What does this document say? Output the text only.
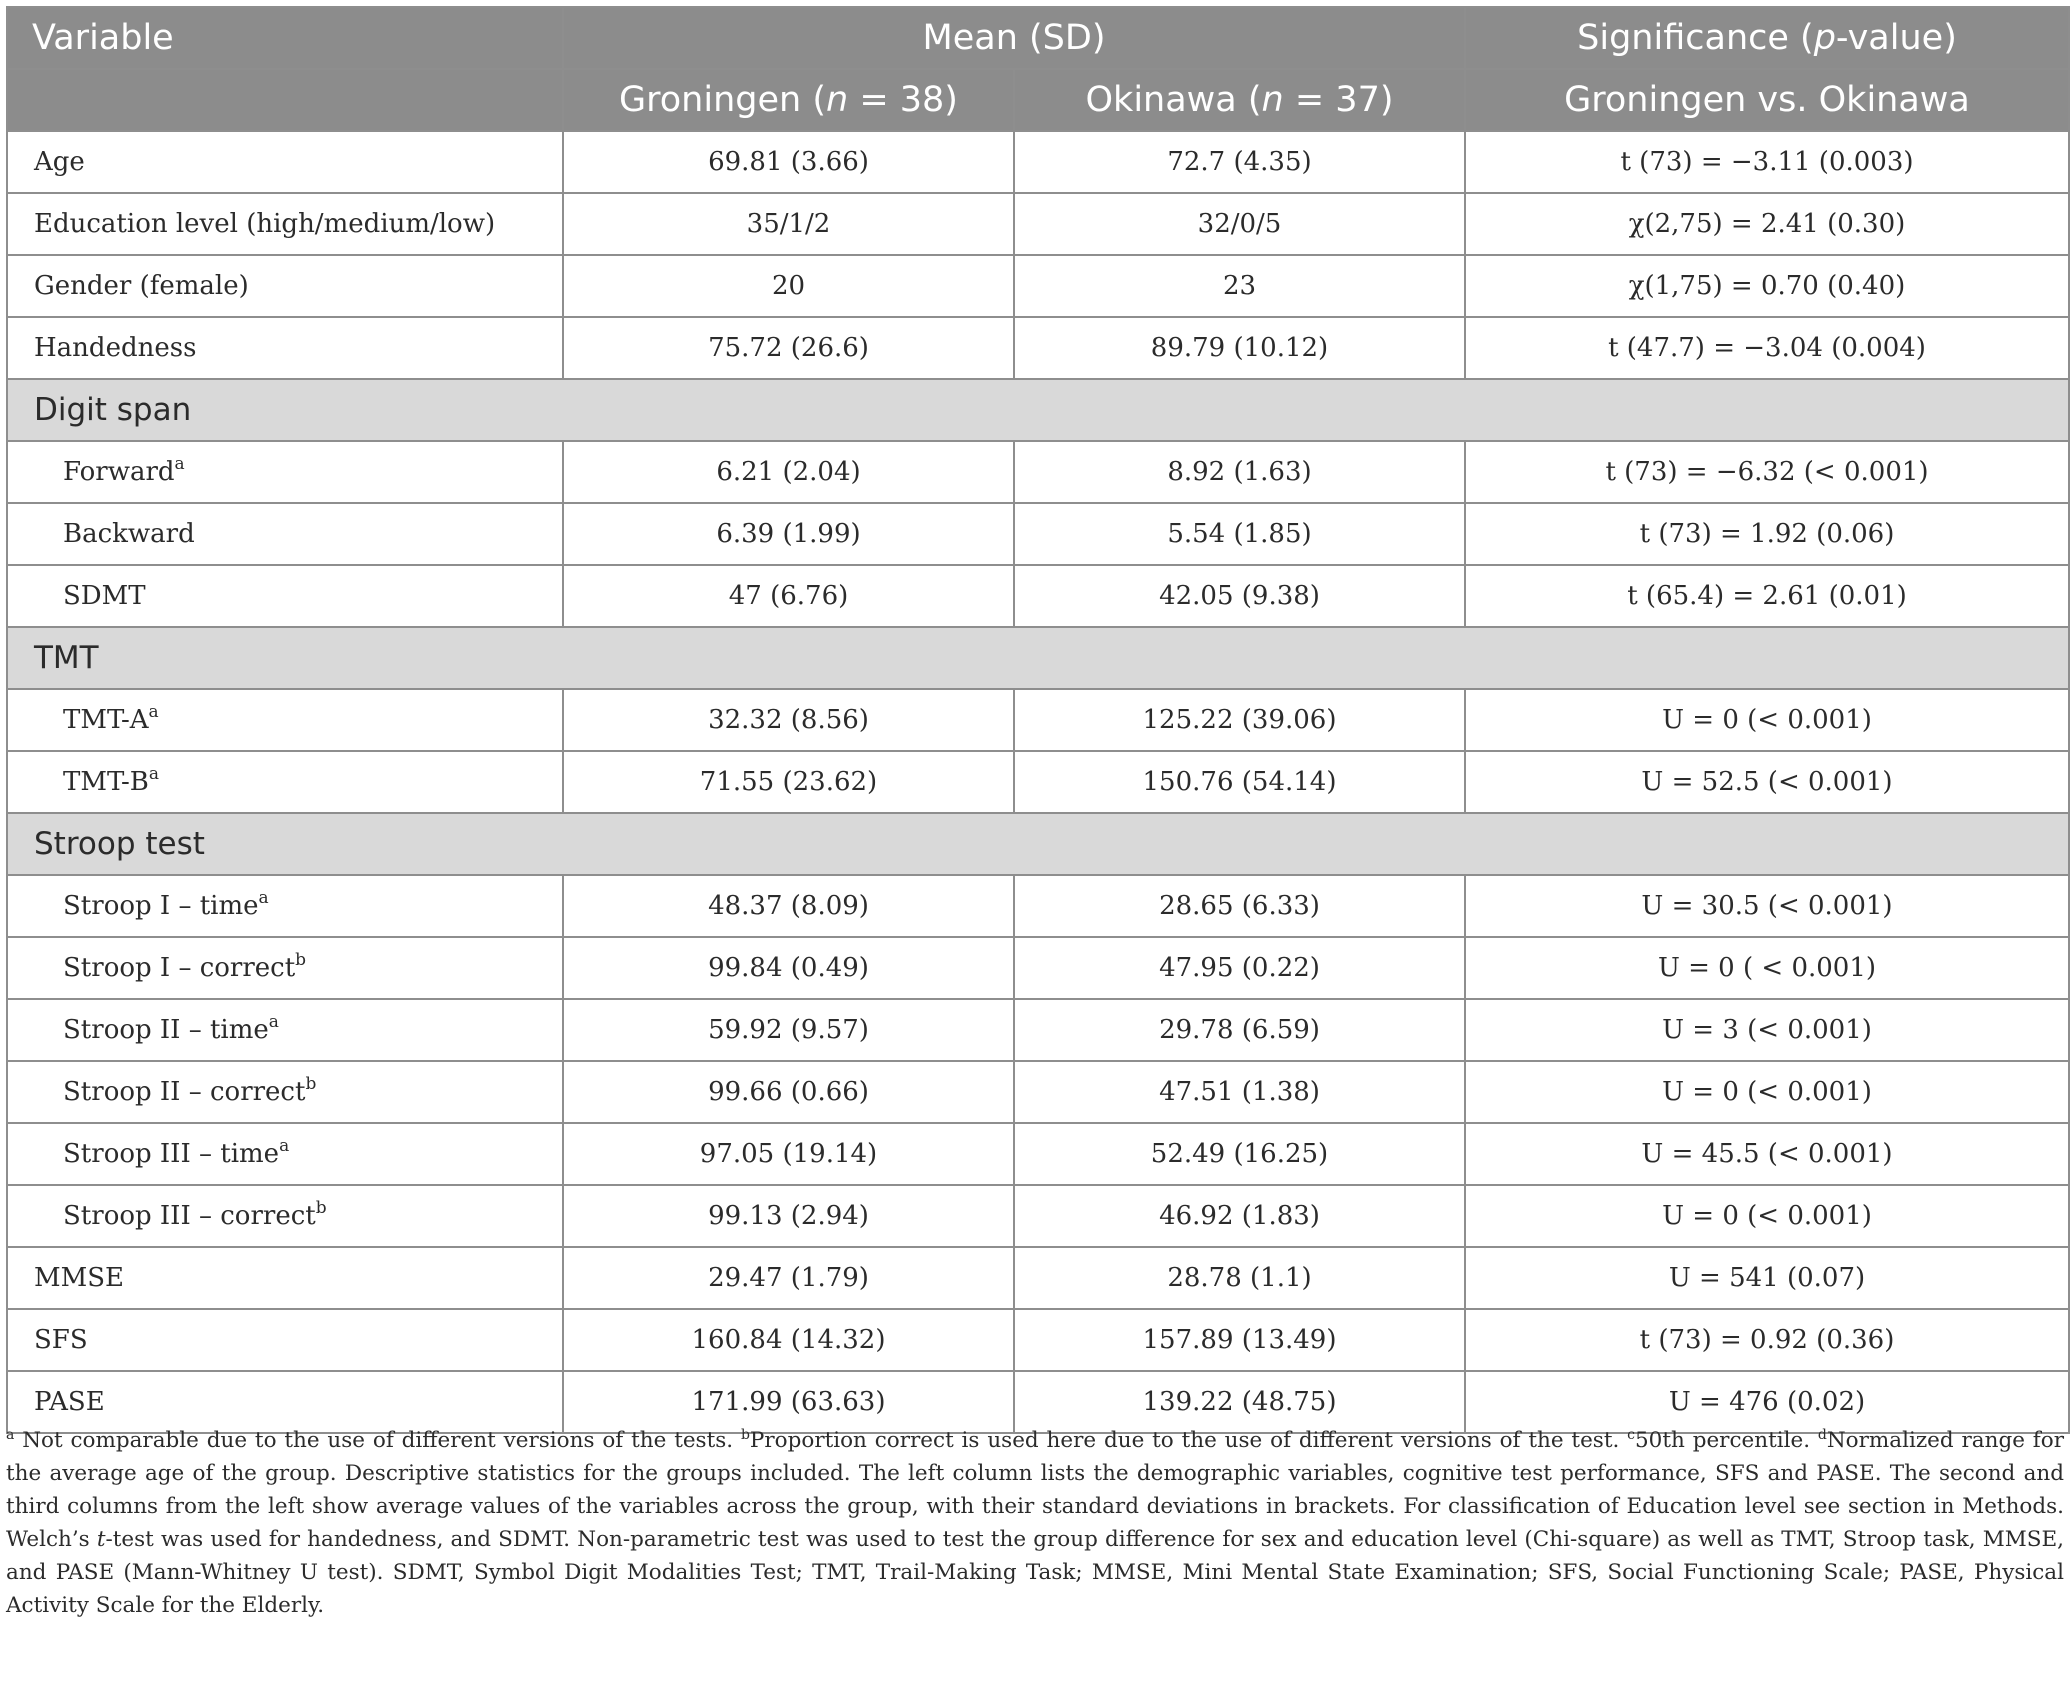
Variable	Mean (SD)		Significance (p-value)
	Groningen (n = 38)	Okinawa (n = 37)	Groningen vs. Okinawa
Age	69.81 (3.66)	72.7 (4.35)	t (73) = −3.11 (0.003)
Education level (high/medium/low)	35/1/2	32/0/5	χ(2,75) = 2.41 (0.30)
Gender (female)	20	23	χ(1,75) = 0.70 (0.40)
Handedness	75.72 (26.6)	89.79 (10.12)	t (47.7) = −3.04 (0.004)
Digit span			
Forward$^a$	6.21 (2.04)	8.92 (1.63)	t (73) = −6.32 (< 0.001)
Backward	6.39 (1.99)	5.54 (1.85)	t (73) = 1.92 (0.06)
SDMT	47 (6.76)	42.05 (9.38)	t (65.4) = 2.61 (0.01)
TMT			
TMT-$A^a$	32.32 (8.56)	125.22 (39.06)	U = 0 (< 0.001)
TMT-$B^a$	71.55 (23.62)	150.76 (54.14)	U = 52.5 (< 0.001)
Stroop test			
Stroop I – time$^a$	48.37 (8.09)	28.65 (6.33)	U = 30.5 (< 0.001)
Stroop I – correct$^b$	99.84 (0.49)	47.95 (0.22)	U = 0 ( < 0.001)
Stroop II – time$^a$	59.92 (9.57)	29.78 (6.59)	U = 3 (< 0.001)
Stroop II – correct$^b$	99.66 (0.66)	47.51 (1.38)	U = 0 (< 0.001)
Stroop III – time$^a$	97.05 (19.14)	52.49 (16.25)	U = 45.5 (< 0.001)
Stroop III – correct$^b$	99.13 (2.94)	46.92 (1.83)	U = 0 (< 0.001)
MMSE	29.47 (1.79)	28.78 (1.1)	U = 541 (0.07)
SFS	160.84 (14.32)	157.89 (13.49)	t (73) = 0.92 (0.36)
PASE	171.99 (63.63)	139.22 (48.75)	U = 476 (0.02)
$^a$ Not comparable due to the use of different versions of the tests. $^b$Proportion correct is used here due to the use of different versions of the test. $^c$50th percentile. $^d$Normalized range for the average age of the group. Descriptive statistics for the groups included. The left column lists the demographic variables, cognitive test performance, SFS and PASE. The second and third columns from the left show average values of the variables across the group, with their standard deviations in brackets. For classification of Education level see section in Methods. Welch’s t-test was used for handedness, and SDMT. Non-parametric test was used to test the group difference for sex and education level (Chi-square) as well as TMT, Stroop task, MMSE, and PASE (Mann-Whitney U test). SDMT, Symbol Digit Modalities Test; TMT, Trail-Making Task; MMSE, Mini Mental State Examination; SFS, Social Functioning Scale; PASE, Physical Activity Scale for the Elderly.
